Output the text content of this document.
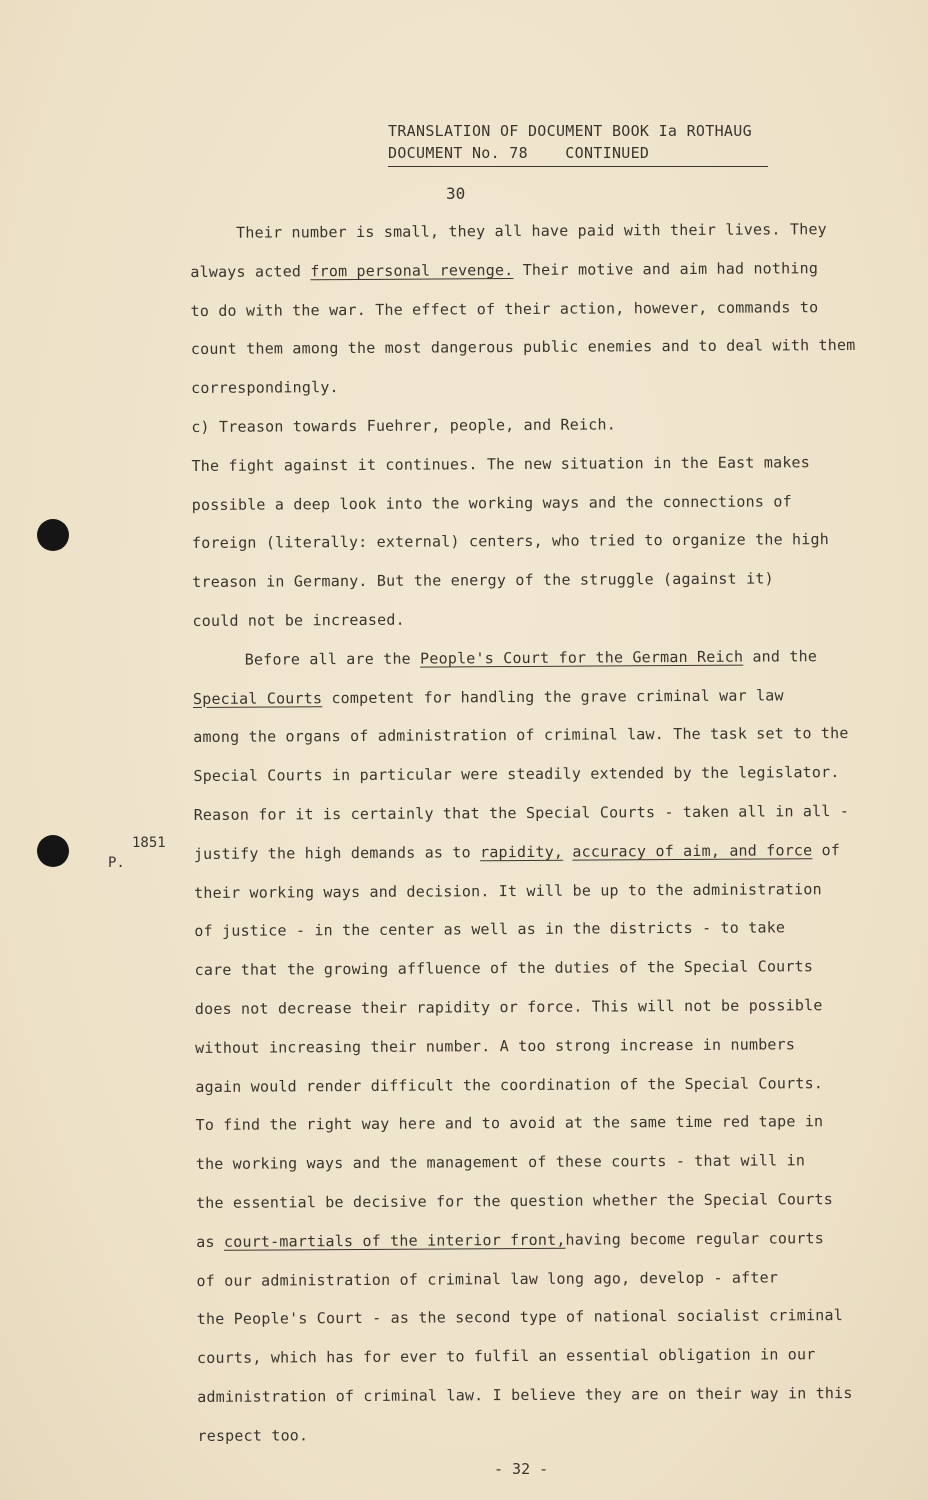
TRANSLATION OF DOCUMENT BOOK Ia ROTHAUG
DOCUMENT No. 78    CONTINUED
30
1851
P.
Their number is small, they all have paid with their lives. They
always acted from personal revenge. Their motive and aim had nothing
to do with the war. The effect of their action, however, commands to
count them among the most dangerous public enemies and to deal with them
correspondingly.
c) Treason towards Fuehrer, people, and Reich.
The fight against it continues. The new situation in the East makes
possible a deep look into the working ways and the connections of
foreign (literally: external) centers, who tried to organize the high
treason in Germany. But the energy of the struggle (against it)
could not be increased.
Before all are the People's Court for the German Reich and the
Special Courts competent for handling the grave criminal war law
among the organs of administration of criminal law. The task set to the
Special Courts in particular were steadily extended by the legislator.
Reason for it is certainly that the Special Courts - taken all in all -
justify the high demands as to rapidity, accuracy of aim, and force of
their working ways and decision. It will be up to the administration
of justice - in the center as well as in the districts - to take
care that the growing affluence of the duties of the Special Courts
does not decrease their rapidity or force. This will not be possible
without increasing their number. A too strong increase in numbers
again would render difficult the coordination of the Special Courts.
To find the right way here and to avoid at the same time red tape in
the working ways and the management of these courts - that will in
the essential be decisive for the question whether the Special Courts
as court-martials of the interior front,having become regular courts
of our administration of criminal law long ago, develop - after
the People's Court - as the second type of national socialist criminal
courts, which has for ever to fulfil an essential obligation in our
administration of criminal law. I believe they are on their way in this
respect too.
- 32 -
